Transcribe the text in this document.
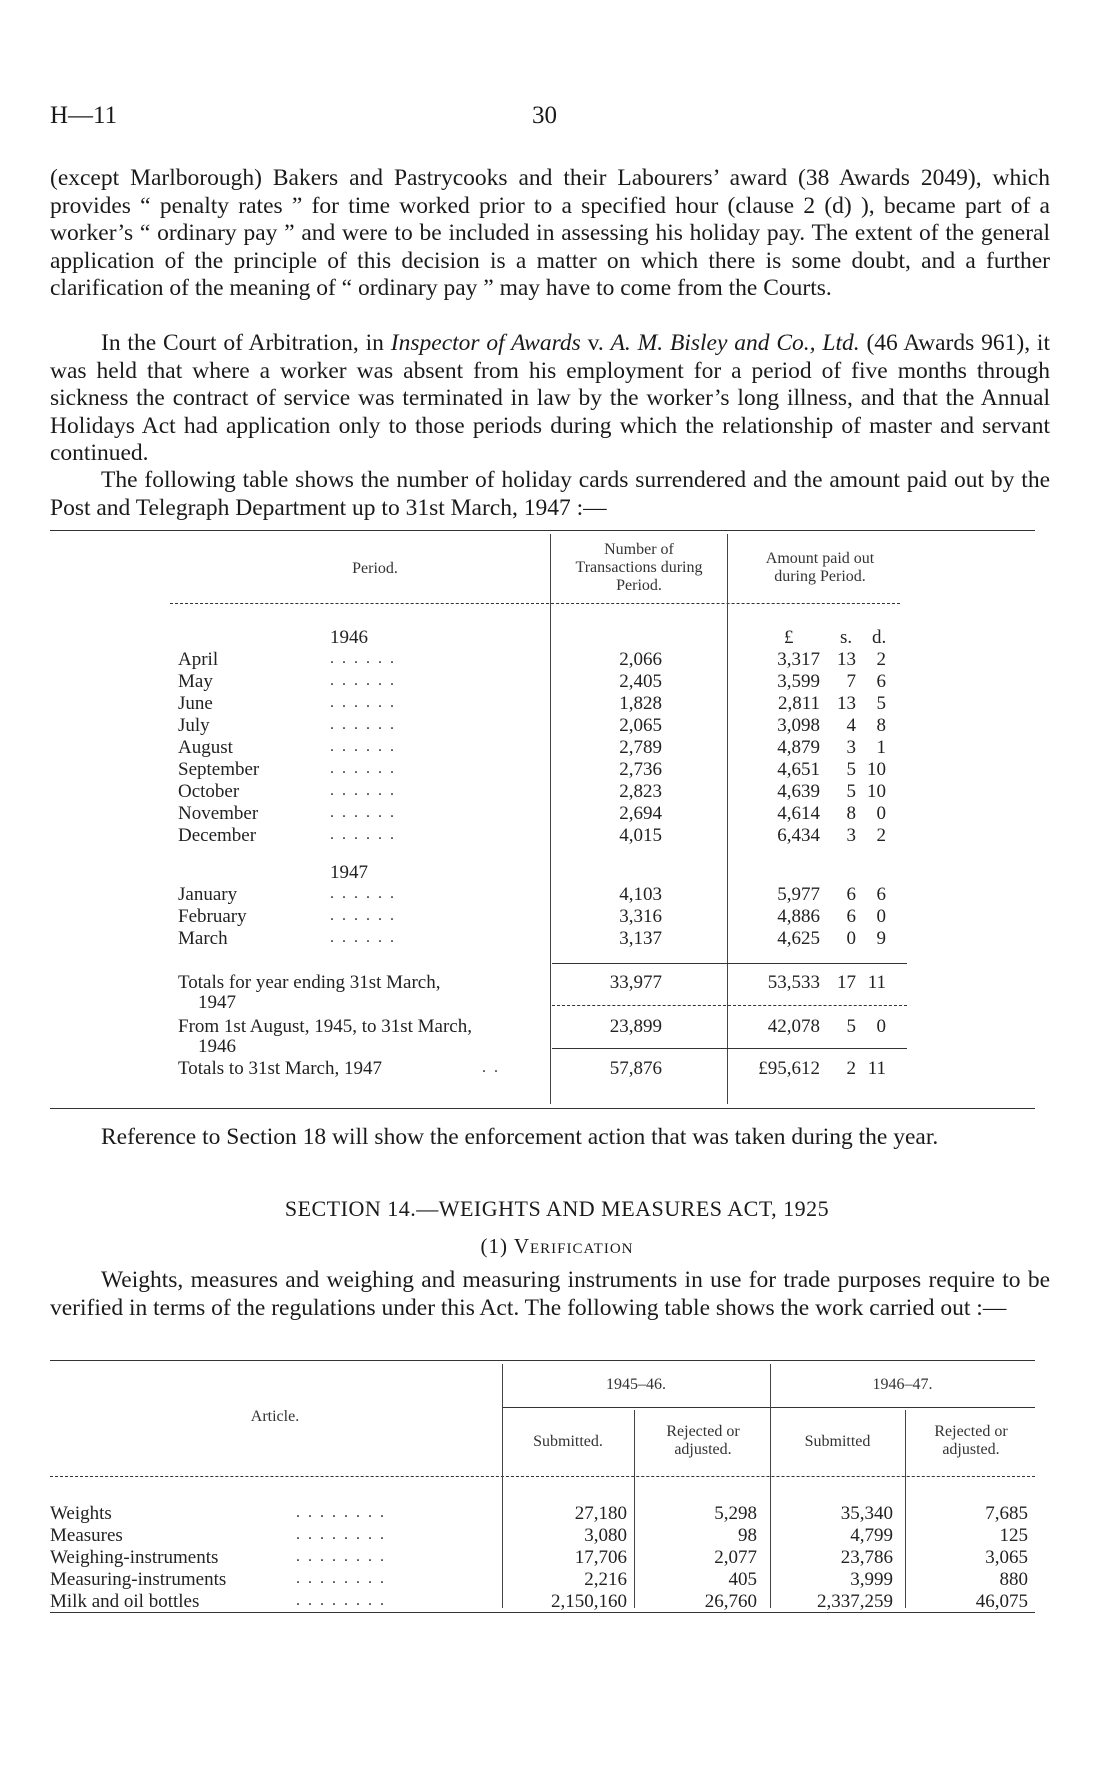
H—11	30
(except Marlborough) Bakers and Pastrycooks and their Labourers’ award (38 Awards 2049), which provides “ penalty rates ” for time worked prior to a specified hour (clause 2 (d) ), became part of a worker’s “ ordinary pay ” and were to be included in assessing his holiday pay. The extent of the general application of the principle of this decision is a matter on which there is some doubt, and a further clarification of the meaning of “ ordinary pay ” may have to come from the Courts.
In the Court of Arbitration, in Inspector of Awards v. A. M. Bisley and Co., Ltd. (46 Awards 961), it was held that where a worker was absent from his employment for a period of five months through sickness the contract of service was terminated in law by the worker’s long illness, and that the Annual Holidays Act had application only to those periods during which the relationship of master and servant continued.
The following table shows the number of holiday cards surrendered and the amount paid out by the Post and Telegraph Department up to 31st March, 1947 :—
Period.
Number of
Transactions during
Period.
Amount paid out
during Period.
£ s. d.
1946
April	. . . . . .	2,066	3,317 13	2
May	. . . . . .	2,405	3,599	7	6
June	. . . . . .	1,828	2,811 13	5
July	. . . . . .	2,065	3,098	4	8
August	. . . . . .	2,789	4,879	3	1
September	. . . . . .	2,736	4,651	5 10
October	. . . . . .	2,823	4,639	5 10
November	. . . . . .	2,694	4,614	8	0
December	. . . . . .	4,015	6,434	3	2
1947
January	. . . . . .	4,103	5,977	6	6
February	. . . . . .	3,316	4,886	6	0
March	. . . . . .	3,137	4,625	0	9
Totals for year ending 31st March,
1947
33,977	53,533 17 11
From 1st August, 1945, to 31st March,
1946
23,899	42,078	5	0
Totals to 31st March, 1947	. .	57,876	£95,612	2 11
Reference to Section 18 will show the enforcement action that was taken during the year.
SECTION 14.—WEIGHTS AND MEASURES ACT, 1925
(1) Verification
Weights, measures and weighing and measuring instruments in use for trade purposes require to be verified in terms of the regulations under this Act. The following table shows the work carried out :—
Article.
1945–46.	1946–47.
Submitted.
Rejected or
adjusted.	Submitted
Rejected or
adjusted.
Weights	. . . . . . . .	27,180	5,298	35,340	7,685
Measures	. . . . . . . .	3,080	98	4,799	125
Weighing-instruments	. . . . . . . .	17,706	2,077	23,786	3,065
Measuring-instruments	. . . . . . . .	2,216	405	3,999	880
Milk and oil bottles	. . . . . . . .	2,150,160	26,760	2,337,259	46,075
